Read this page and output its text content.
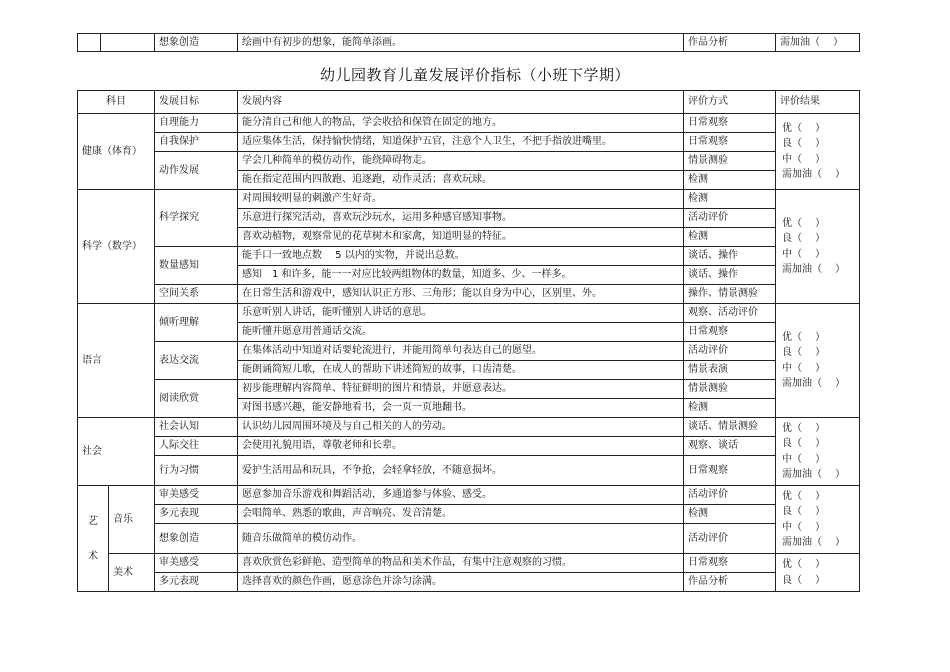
		想象创造	绘画中有初步的想象，能简单添画。	作品分析	需加油（　 ）
幼儿园教育儿童发展评价指标（小班下学期）
科目		发展目标	发展内容	评价方式	评价结果
健康（体育）		自理能力	能分清自己和他人的物品，学会收拾和保管在固定的地方。	日常观察	优（　 ）
良（　 ）
中（　 ）
需加油（　 ）

		自我保护	适应集体生活，保持愉快情绪，知道保护五官，注意个人卫生，不把手指放进嘴里。	日常观察	
		动作发展	学会几种简单的模仿动作，能绕障碍物走。	情景测验	
			能在指定范围内四散跑、追逐跑，动作灵活；喜欢玩球。	检测	
科学（数学）		科学探究	对周围较明显的刺激产生好奇。	检测	优（　 ）
良（　 ）
中（　 ）
需加油（　 ）

			乐意进行探究活动，喜欢玩沙玩水，运用多种感官感知事物。	活动评价	
			喜欢动植物，观察常见的花草树木和家禽，知道明显的特征。	检测	
		数量感知	能手口一致地点数　 5 以内的实物，并说出总数。	谈话、操作	
			感知　1 和许多，能一一对应比较两组物体的数量，知道多、少、一样多。	谈话、操作	
		空间关系	在日常生活和游戏中，感知认识正方形、三角形；能以自身为中心，区别里、外。	操作、情景测验	
语言		倾听理解	乐意听别人讲话，能听懂别人讲话的意思。	观察、活动评价	优（　 ）
良（　 ）
中（　 ）
需加油（　 ）

			能听懂并愿意用普通话交流。	日常观察	
		表达交流	在集体活动中知道对话要轮流进行，并能用简单句表达自己的愿望。	活动评价	
			能朗诵简短儿歌，在成人的帮助下讲述简短的故事，口齿清楚。	情景表演	
		阅读欣赏	初步能理解内容简单、特征鲜明的图片和情景，并愿意表达。	情景测验	
			对图书感兴趣，能安静地看书，会一页一页地翻书。	检测	
社会		社会认知	认识幼儿园周围环境及与自己相关的人的劳动。	谈话、情景测验	优（　 ）
良（　 ）
中（　 ）
需加油（　 ）

		人际交往	会使用礼貌用语，尊敬老师和长辈。	观察、谈话	
		行为习惯	爱护生活用品和玩具，不争抢，会轻拿轻放，不随意损坏。	日常观察	

艺
术	音乐	审美感受	愿意参加音乐游戏和舞蹈活动，多通道参与体验、感受。	活动评价	优（　 ）
良（　 ）
中（　 ）
需加油（　 ）

		多元表现	会唱简单、熟悉的歌曲，声音响亮、发音清楚。	检测	
		想象创造	随音乐做简单的模仿动作。	活动评价	
	美术	审美感受	喜欢欣赏色彩鲜艳、造型简单的物品和美术作品，有集中注意观察的习惯。	日常观察	优（　 ）
良（　 ）

		多元表现	选择喜欢的颜色作画，愿意涂色并涂匀涂满。	作品分析	
